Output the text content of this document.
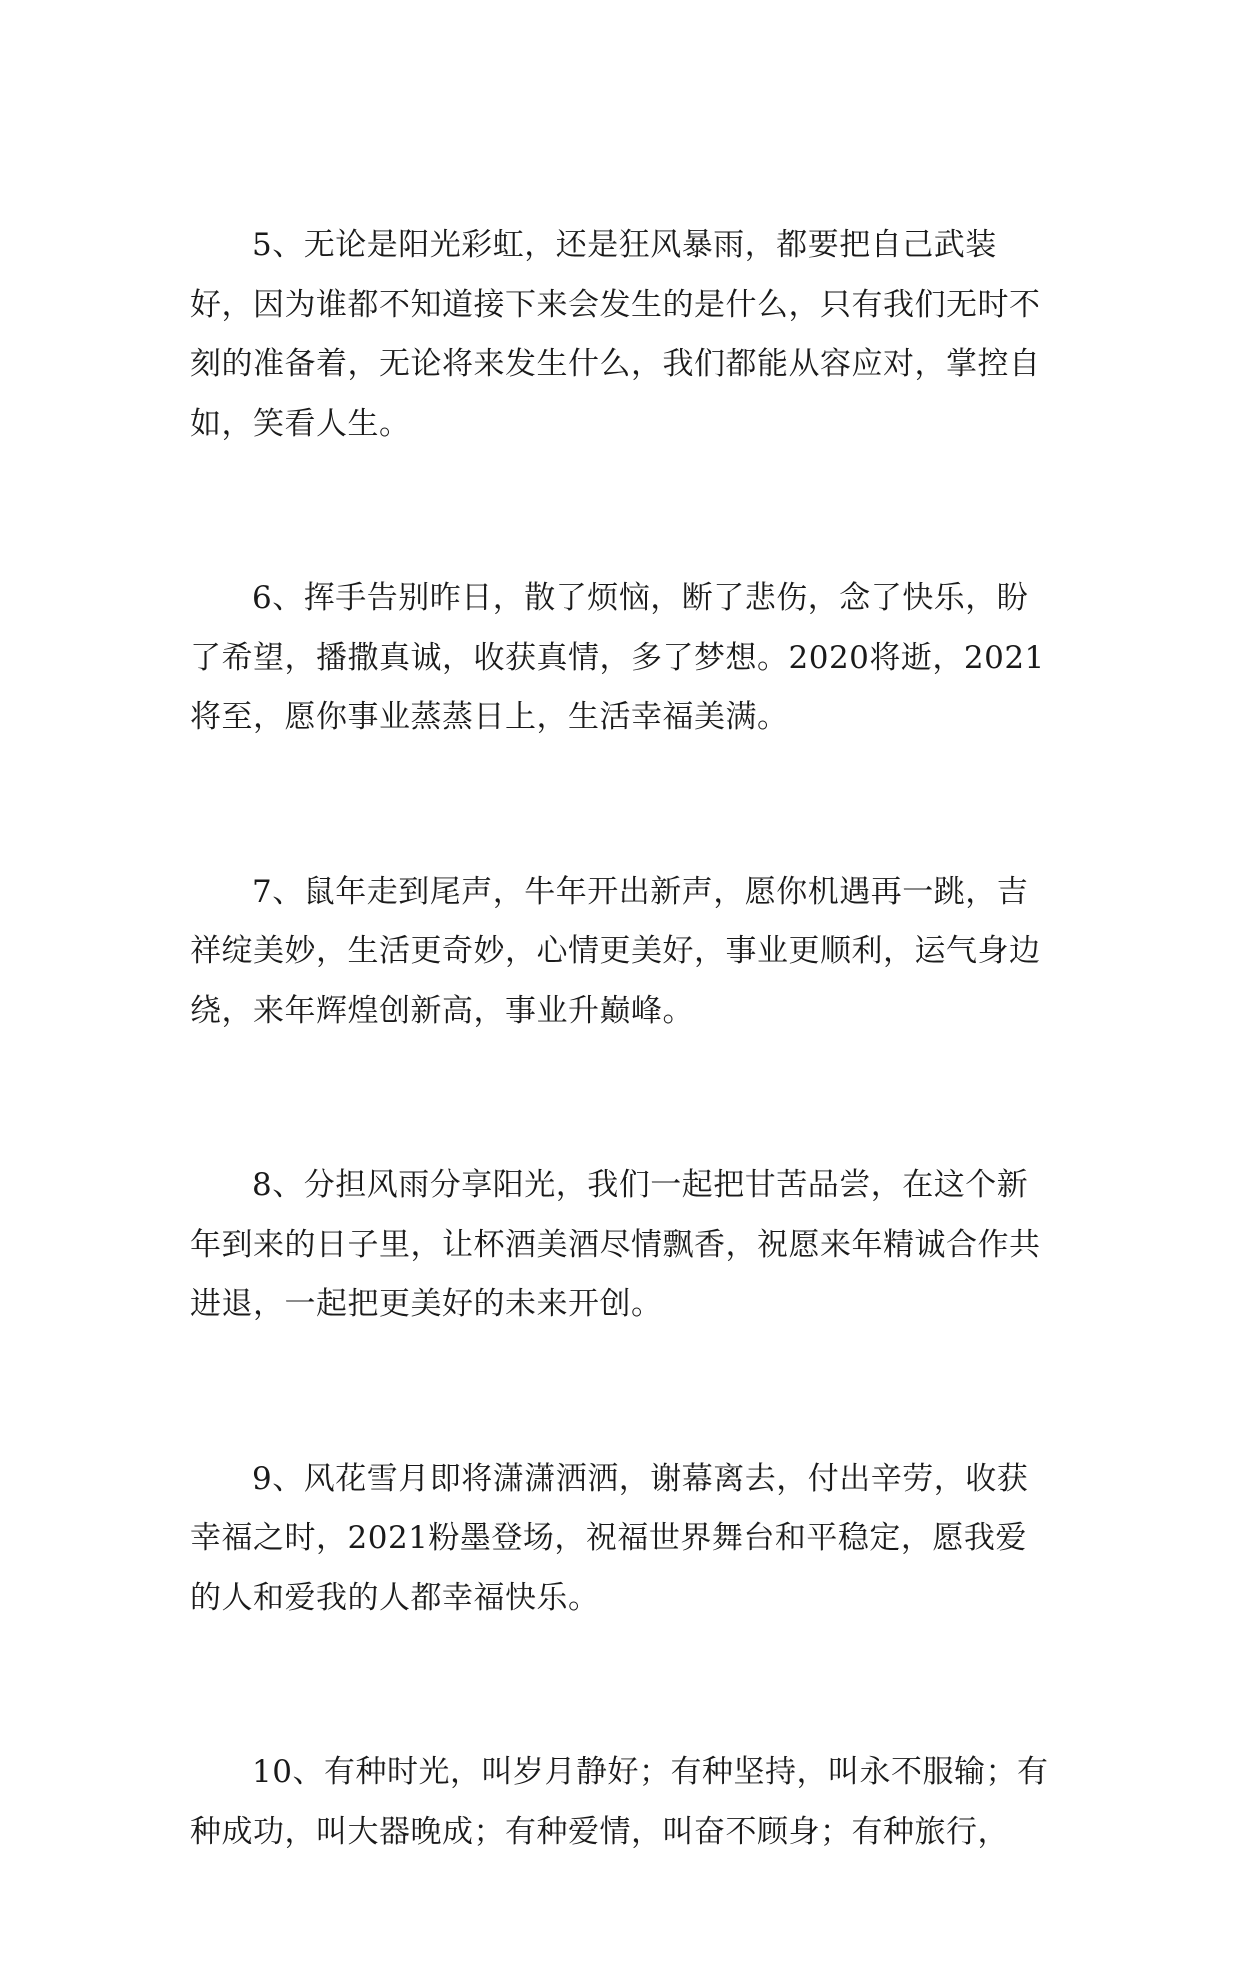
5、无论是阳光彩虹，还是狂风暴雨，都要把自己武装好，因为谁都不知道接下来会发生的是什么，只有我们无时不刻的准备着，无论将来发生什么，我们都能从容应对，掌控自如，笑看人生。

6、挥手告别昨日，散了烦恼，断了悲伤，念了快乐，盼了希望，播撒真诚，收获真情，多了梦想。2020将逝，2021将至，愿你事业蒸蒸日上，生活幸福美满。

7、鼠年走到尾声，牛年开出新声，愿你机遇再一跳，吉祥绽美妙，生活更奇妙，心情更美好，事业更顺利，运气身边绕，来年辉煌创新高，事业升巅峰。

8、分担风雨分享阳光，我们一起把甘苦品尝，在这个新年到来的日子里，让杯酒美酒尽情飘香，祝愿来年精诚合作共进退，一起把更美好的未来开创。

9、风花雪月即将潇潇洒洒，谢幕离去，付出辛劳，收获幸福之时，2021粉墨登场，祝福世界舞台和平稳定，愿我爱的人和爱我的人都幸福快乐。

10、有种时光，叫岁月静好；有种坚持，叫永不服输；有种成功，叫大器晚成；有种爱情，叫奋不顾身；有种旅行，
